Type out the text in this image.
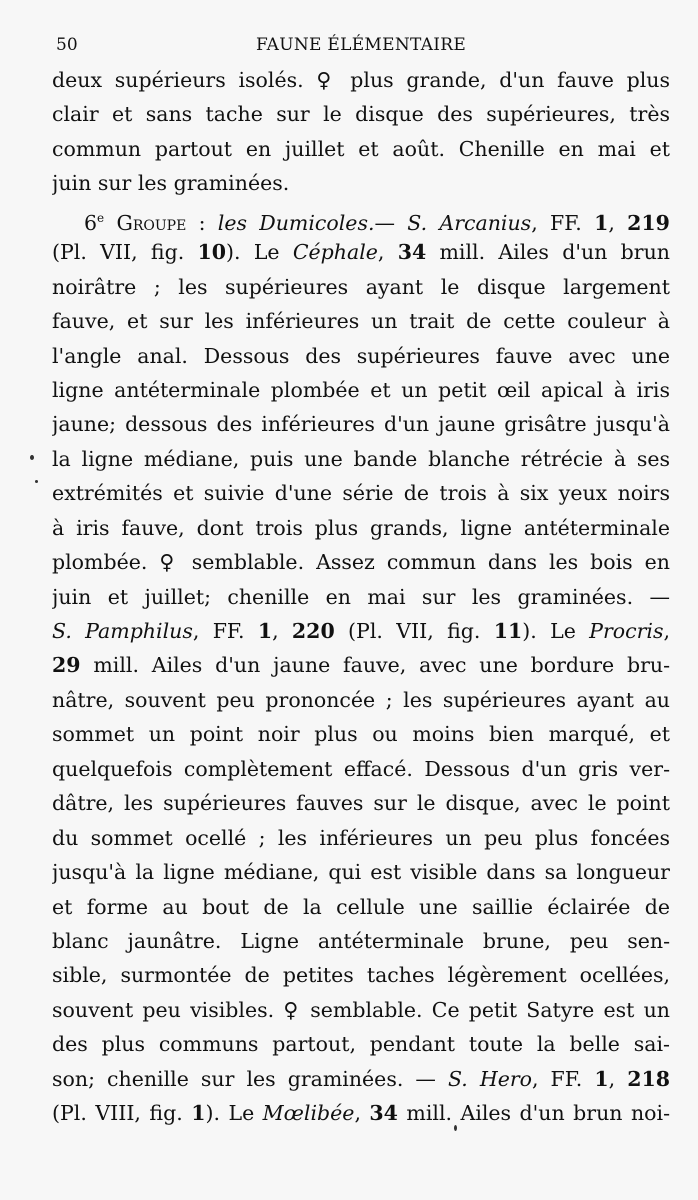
50	FAUNE ÉLÉMENTAIRE
deux supérieurs isolés. ♀ plus grande, d'un fauve plus
clair et sans tache sur le disque des supérieures, très
commun partout en juillet et août. Chenille en mai et
juin sur les graminées.
6e Groupe : les Dumicoles.— S. Arcanius, FF. 1, 219
(Pl. VII, fig. 10). Le Céphale, 34 mill. Ailes d'un brun
noirâtre ; les supérieures ayant le disque largement
fauve, et sur les inférieures un trait de cette couleur à
l'angle anal. Dessous des supérieures fauve avec une
ligne antéterminale plombée et un petit œil apical à iris
jaune; dessous des inférieures d'un jaune grisâtre jusqu'à
la ligne médiane, puis une bande blanche rétrécie à ses
extrémités et suivie d'une série de trois à six yeux noirs
à iris fauve, dont trois plus grands, ligne antéterminale
plombée. ♀ semblable. Assez commun dans les bois en
juin et juillet; chenille en mai sur les graminées. —
S. Pamphilus, FF. 1, 220 (Pl. VII, fig. 11). Le Procris,
29 mill. Ailes d'un jaune fauve, avec une bordure bru-
nâtre, souvent peu prononcée ; les supérieures ayant au
sommet un point noir plus ou moins bien marqué, et
quelquefois complètement effacé. Dessous d'un gris ver-
dâtre, les supérieures fauves sur le disque, avec le point
du sommet ocellé ; les inférieures un peu plus foncées
jusqu'à la ligne médiane, qui est visible dans sa longueur
et forme au bout de la cellule une saillie éclairée de
blanc jaunâtre. Ligne antéterminale brune, peu sen-
sible, surmontée de petites taches légèrement ocellées,
souvent peu visibles. ♀ semblable. Ce petit Satyre est un
des plus communs partout, pendant toute la belle sai-
son; chenille sur les graminées. — S. Hero, FF. 1, 218
(Pl. VIII, fig. 1). Le Mœlibée, 34 mill. Ailes d'un brun noi-
